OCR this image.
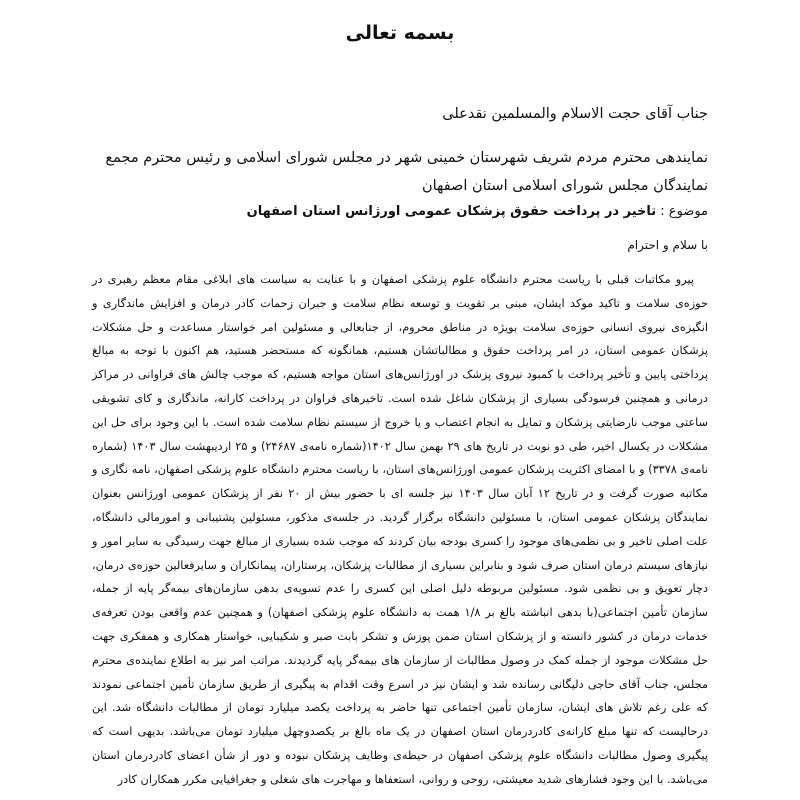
بسمه تعالی
جناب آقای حجت الاسلام والمسلمین نقدعلی
نمایندهی محترم مردم شریف شهرستان خمینی شهر در مجلس شورای اسلامی و رئیس محترم مجمع نمایندگان مجلس شورای اسلامی استان اصفهان
موضوع : تاخیر در پرداخت حقوق پزشکان عمومی اورژانس استان اصفهان
با سلام و احترام
پیرو مکاتبات قبلی با ریاست محترم دانشگاه علوم پزشکی اصفهان و با عنایت به سیاست های ابلاغی مقام معظم رهبری در حوزه‌ی سلامت و تاکید موکد ایشان، مبنی بر تقویت و توسعه نظام سلامت و جبران زحمات کادر درمان و افزایش ماندگاری و انگیزه‌ی نیروی انسانی حوزه‌ی سلامت بویژه در مناطق محروم، از جنابعالی و مسئولین امر خواستار مساعدت و حل مشکلات پزشکان عمومی استان، در امر پرداخت حقوق و مطالباتشان هستیم، همانگونه که مستحضر هستید، هم اکنون با توجه به مبالغ پرداختی پایین و تأخیر پرداخت با کمبود نیروی پزشک در اورژانس‌های استان مواجه هستیم، که موجب چالش های فراوانی در مراکز درمانی و همچنین فرسودگی بسیاری از پزشکان شاغل شده است. تاخیرهای فراوان در پرداخت کارانه، ماندگاری و کای تشویقی ساعتی موجب نارضایتی پزشکان و تمایل به انجام اعتصاب و یا خروج از سیستم نظام سلامت شده است. با این وجود برای حل این مشکلات در یکسال اخیر، طی دو نوبت در تاریخ های ۲۹ بهمن سال ۱۴۰۲(شماره نامه‌ی ۲۴۶۸۷) و ۲۵ اردیبهشت سال ۱۴۰۳ (شماره نامه‌ی ۳۳۷۸) و با امضای اکثریت پزشکان عمومی اورژانس‌های استان، با ریاست محترم دانشگاه علوم پزشکی اصفهان، نامه نگاری و مکاتبه صورت گرفت و در تاریخ ۱۲ آبان سال ۱۴۰۳ نیز جلسه ای با حضور بیش از ۲۰ نفر از پزشکان عمومی اورژانس بعنوان نمایندگان پزشکان عمومی استان، با مسئولین دانشگاه برگزار گردید. در جلسه‌ی مذکور، مسئولین پشتیبانی و امورمالی دانشگاه، علت اصلی تاخیر و بی نظمی‌های موجود را کسری بودجه بیان کردند که موجب شده بسیاری از مبالغ جهت رسیدگی به سایر امور و نیازهای سیستم درمان استان صرف شود و بنابراین بسیاری از مطالبات پزشکان، پرستاران، پیمانکاران و سایرفعالین حوزه‌ی درمان، دچار تعویق و بی نظمی شود. مسئولین مربوطه دلیل اصلی این کسری را عدم تسویه‌ی بدهی سازمان‌های بیمه‌گر پایه از جمله، سازمان تأمین اجتماعی(با بدهی انباشته بالغ بر ۱/۸ همت به دانشگاه علوم پزشکی اصفهان) و همچنین عدم واقعی بودن تعرفه‌ی خدمات درمان در کشور دانسته و از پزشکان استان ضمن پوزش و تشکر بابت صبر و شکیبایی، خواستار همکاری و همفکری جهت حل مشکلات موجود از جمله کمک در وصول مطالبات از سازمان های بیمه‌گر پایه گردیدند. مراتب امر نیز به اطلاع نماینده‌ی محترم مجلس، جناب آقای حاجی دلیگانی رسانده شد و ایشان نیز در اسرع وقت اقدام به پیگیری از طریق سازمان تأمین اجتماعی نمودند که علی رغم تلاش های ایشان، سازمان تأمین اجتماعی تنها حاضر به پرداخت یکصد میلیارد تومان از مطالبات دانشگاه شد. این درحالیست که تنها مبلغ کارانه‌ی کادردرمان استان اصفهان در یک ماه بالغ بر یکصدوچهل میلیارد تومان می‌باشد. بدیهی است که پیگیری وصول مطالبات دانشگاه علوم پزشکی اصفهان در حیطه‌ی وظایف پزشکان نبوده و دور از شأن اعضای کادردرمان استان می‌باشد. با این وجود فشارهای شدید معیشتی، روحی و روانی، استعفاها و مهاجرت های شغلی و جغرافیایی مکرر همکاران کادر
